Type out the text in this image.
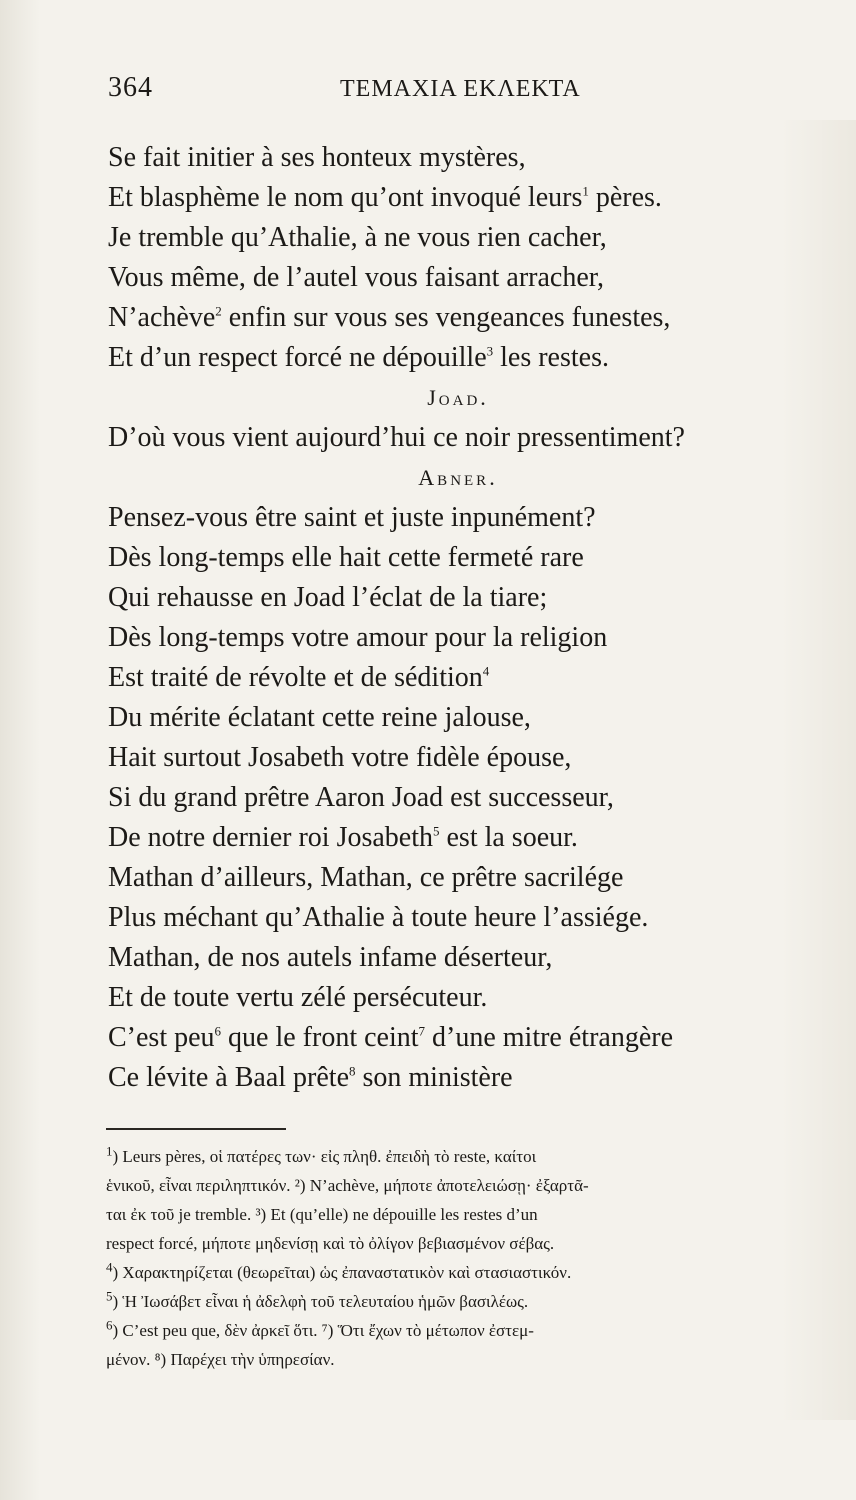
364	ΤΕΜΑΧΙΑ ΕΚΛΕΚΤΑ
Se fait initier à ses honteux mystères,
Et blasphème le nom qu’ont invoqué leurs$^1$ pères.
Je tremble qu’Athalie, à ne vous rien cacher,
Vous même, de l’autel vous faisant arracher,
N’achève$^2$ enfin sur vous ses vengeances funestes,
Et d’un respect forcé ne dépouille$^3$ les restes.
Joad.
D’où vous vient aujourd’hui ce noir pressentiment?
Abner.
Pensez-vous être saint et juste inpunément?
Dès long-temps elle hait cette fermeté rare
Qui rehausse en Joad l’éclat de la tiare;
Dès long-temps votre amour pour la religion
Est traité de révolte et de sédition$^4$
Du mérite éclatant cette reine jalouse,
Hait surtout Josabeth votre fidèle épouse,
Si du grand prêtre Aaron Joad est successeur,
De notre dernier roi Josabeth$^5$ est la soeur.
Mathan d’ailleurs, Mathan, ce prêtre sacrilége
Plus méchant qu’Athalie à toute heure l’assiége.
Mathan, de nos autels infame déserteur,
Et de toute vertu zélé persécuteur.
C’est peu$^6$ que le front ceint$^7$ d’une mitre étrangère
Ce lévite à Baal prête$^8$ son ministère
$^1$) Leurs pères, οἱ πατέρες των· εἰς πληθ. ἐπειδὴ τὸ reste, καίτοι
ἑνικοῦ, εἶναι περιληπτικόν. ²) N’achève, μήποτε ἀποτελειώσῃ· ἐξαρτᾶ-
ται ἐκ τοῦ je tremble. ³) Et (qu’elle) ne dépouille les restes d’un
respect forcé, μήποτε μηδενίσῃ καὶ τὸ ὀλίγον βεβιασμένον σέβας.
$^4$) Χαρακτηρίζεται (θεωρεῖται) ὡς ἐπαναστατικὸν καὶ στασιαστικόν.
$^5$) Ἡ Ἰωσάβετ εἶναι ἡ ἀδελφὴ τοῦ τελευταίου ἡμῶν βασιλέως.
$^6$) C’est peu que, δὲν ἀρκεῖ ὅτι. ⁷) Ὅτι ἔχων τὸ μέτωπον ἐστεμ-
μένον. ⁸) Παρέχει τὴν ὑπηρεσίαν.
